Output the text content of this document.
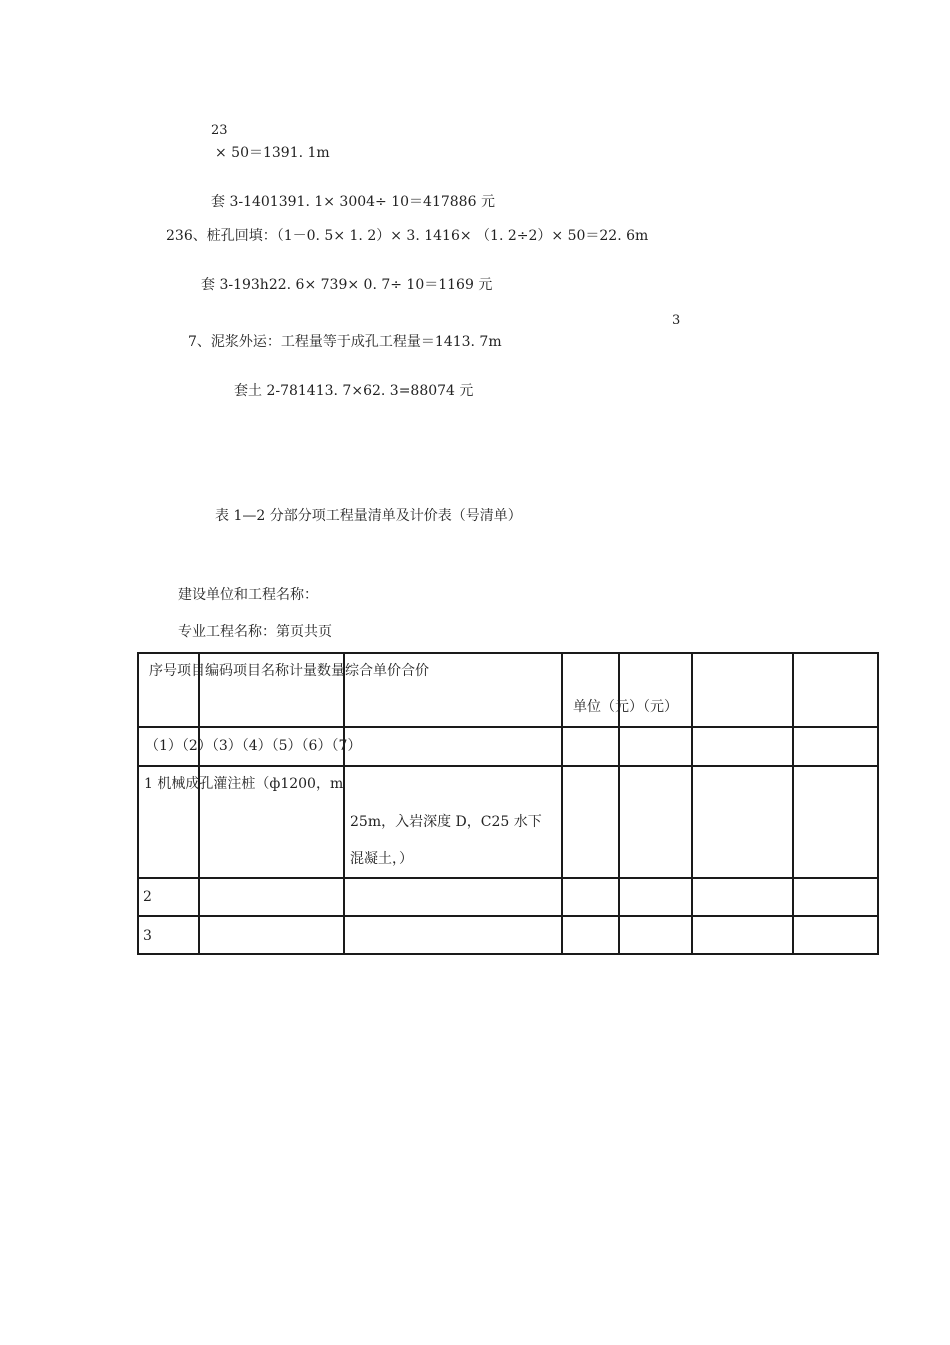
23
× 50＝1391. 1m
套 3-1401391. 1× 3004÷ 10＝417886 元
236、桩孔回填：（1－0. 5× 1. 2）× 3. 1416× （1. 2÷2）× 50＝22. 6m
套 3-193h22. 6× 739× 0. 7÷ 10＝1169 元
3
7、泥浆外运：工程量等于成孔工程量＝1413. 7m
套土 2-781413. 7×62. 3=88074 元
表 1—2 分部分项工程量清单及计价表（号清单）
建设单位和工程名称：
专业工程名称：第页共页
序号项目编码项目名称计量数量综合单价合价
单位（元）（元）
（1）（2）（3）（4）（5）（6）（7）
1 机械成孔灌注桩（ф1200，m
25m，入岩深度 D，C25 水下
混凝土，）
2
3
